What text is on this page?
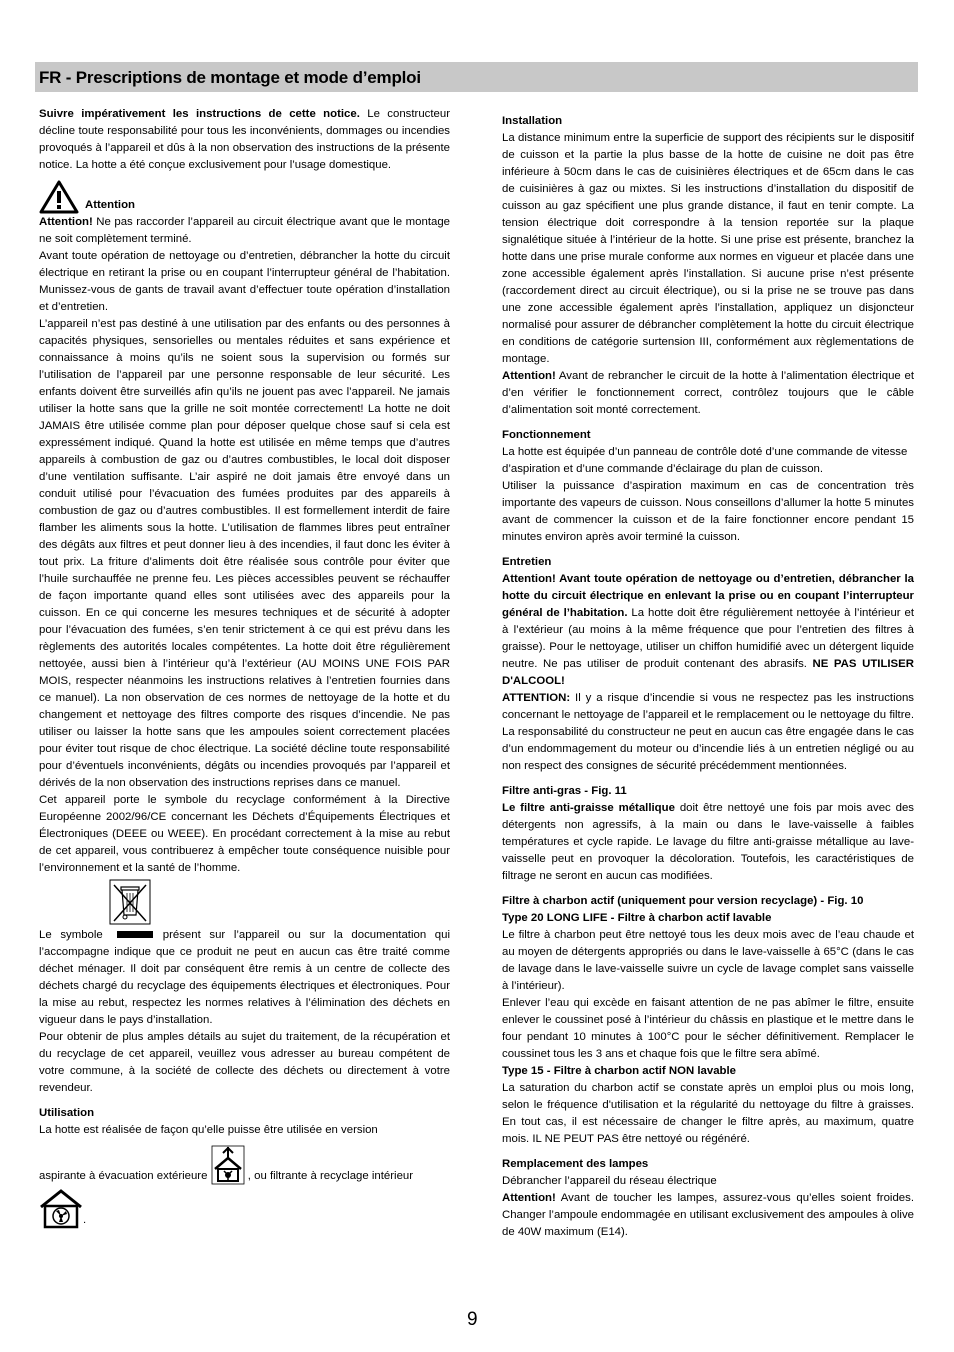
FR - Prescriptions de montage et mode d’emploi

Suivre impérativement les instructions de cette notice. Le constructeur décline toute responsabilité pour tous les inconvénients, dommages ou incendies provoqués à l’appareil et dûs à la non observation des instructions de la présente notice. La hotte a été conçue exclusivement pour l’usage domestique.

Attention

Attention! Ne pas raccorder l’appareil au circuit électrique avant que le montage ne soit complètement terminé.

Avant toute opération de nettoyage ou d’entretien, débrancher la hotte du circuit électrique en retirant la prise ou en coupant l’interrupteur général de l’habitation. Munissez-vous de gants de travail avant d’effectuer toute opération d’installation et d’entretien.

L’appareil n’est pas destiné à une utilisation par des enfants ou des personnes à capacités physiques, sensorielles ou mentales réduites et sans expérience et connaissance à moins qu’ils ne soient sous la supervision ou formés sur l’utilisation de l’appareil par une personne responsable de leur sécurité. Les enfants doivent être surveillés afin qu’ils ne jouent pas avec l’appareil. Ne jamais utiliser la hotte sans que la grille ne soit montée correctement! La hotte ne doit JAMAIS être utilisée comme plan pour déposer quelque chose sauf si cela est expressément indiqué. Quand la hotte est utilisée en même temps que d’autres appareils à combustion de gaz ou d’autres combustibles, le local doit disposer d’une ventilation suffisante. L’air aspiré ne doit jamais être envoyé dans un conduit utilisé pour l’évacuation des fumées produites par des appareils à combustion de gaz ou d’autres combustibles. Il est formellement interdit de faire flamber les aliments sous la hotte. L’utilisation de flammes libres peut entraîner des dégâts aux filtres et peut donner lieu à des incendies, il faut donc les éviter à tout prix. La friture d’aliments doit être réalisée sous contrôle pour éviter que l’huile surchauffée ne prenne feu. Les pièces accessibles peuvent se réchauffer de façon importante quand elles sont utilisées avec des appareils pour la cuisson. En ce qui concerne les mesures techniques et de sécurité à adopter pour l’évacuation des fumées, s’en tenir strictement à ce qui est prévu dans les règlements des autorités locales compétentes. La hotte doit être régulièrement nettoyée, aussi bien à l’intérieur qu’à l’extérieur (AU MOINS UNE FOIS PAR MOIS, respecter néanmoins les instructions relatives à l’entretien fournies dans ce manuel). La non observation de ces normes de nettoyage de la hotte et du changement et nettoyage des filtres comporte des risques d’incendie. Ne pas utiliser ou laisser la hotte sans que les ampoules soient correctement placées pour éviter tout risque de choc électrique. La société décline toute responsabilité pour d’éventuels inconvénients, dégâts ou incendies provoqués par l’appareil et dérivés de la non observation des instructions reprises dans ce manuel.

Cet appareil porte le symbole du recyclage conformément à la Directive Européenne 2002/96/CE concernant les Déchets d’Équipements Électriques et Électroniques (DEEE ou WEEE). En procédant correctement à la mise au rebut de cet appareil, vous contribuerez à empêcher toute conséquence nuisible pour l’environnement et la santé de l’homme.

Le symbole	présent sur l’appareil ou sur la documentation qui l’accompagne indique que ce produit ne peut en aucun cas être traité comme déchet ménager. Il doit par conséquent être remis à un centre de collecte des déchets chargé du recyclage des équipements électriques et électroniques. Pour la mise au rebut, respectez les normes relatives à l’élimination des déchets en vigueur dans le pays d’installation.

Pour obtenir de plus amples détails au sujet du traitement, de la récupération et du recyclage de cet appareil, veuillez vous adresser au bureau compétent de votre commune, à la société de collecte des déchets ou directement à votre revendeur.

Utilisation

La hotte est réalisée de façon qu’elle puisse être utilisée en version

aspirante à évacuation extérieure	, ou filtrante à recyclage intérieur

.

Installation

La distance minimum entre la superficie de support des récipients sur le dispositif de cuisson et la partie la plus basse de la hotte de cuisine ne doit pas être inférieure à 50cm dans le cas de cuisinières électriques et de 65cm dans le cas de cuisinières à gaz ou mixtes. Si les instructions d’installation du dispositif de cuisson au gaz spécifient une plus grande distance, il faut en tenir compte. La tension électrique doit correspondre à la tension reportée sur la plaque signalétique située à l’intérieur de la hotte. Si une prise est présente, branchez la hotte dans une prise murale conforme aux normes en vigueur et placée dans une zone accessible également après l’installation. Si aucune prise n’est présente (raccordement direct au circuit électrique), ou si la prise ne se trouve pas dans une zone accessible également après l’installation, appliquez un disjoncteur normalisé pour assurer de débrancher complètement la hotte du circuit électrique en conditions de catégorie surtension III, conformément aux règlementations de montage.

Attention! Avant de rebrancher le circuit de la hotte à l’alimentation électrique et d’en vérifier le fonctionnement correct, contrôlez toujours que le câble d’alimentation soit monté correctement.

Fonctionnement

La hotte est équipée d’un panneau de contrôle doté d’une commande de vitesse d’aspiration et d’une commande d’éclairage du plan de cuisson.

Utiliser la puissance d’aspiration maximum en cas de concentration très importante des vapeurs de cuisson. Nous conseillons d’allumer la hotte 5 minutes avant de commencer la cuisson et de la faire fonctionner encore pendant 15 minutes environ après avoir terminé la cuisson.

Entretien

Attention! Avant toute opération de nettoyage ou d’entretien, débrancher la hotte du circuit électrique en enlevant la prise ou en coupant l’interrupteur général de l’habitation. La hotte doit être régulièrement nettoyée à l’intérieur et à l’extérieur (au moins à la même fréquence que pour l’entretien des filtres à graisse). Pour le nettoyage, utiliser un chiffon humidifié avec un détergent liquide neutre. Ne pas utiliser de produit contenant des abrasifs. NE PAS UTILISER D'ALCOOL!

ATTENTION: Il y a risque d’incendie si vous ne respectez pas les instructions concernant le nettoyage de l’appareil et le remplacement ou le nettoyage du filtre. La responsabilité du constructeur ne peut en aucun cas être engagée dans le cas d’un endommagement du moteur ou d’incendie liés à un entretien négligé ou au non respect des consignes de sécurité précédemment mentionnées.

Filtre anti-gras - Fig. 11

Le filtre anti-graisse métallique doit être nettoyé une fois par mois avec des détergents non agressifs, à la main ou dans le lave-vaisselle à faibles températures et cycle rapide. Le lavage du filtre anti-graisse métallique au lave-vaisselle peut en provoquer la décoloration. Toutefois, les caractéristiques de filtrage ne seront en aucun cas modifiées.

Filtre à charbon actif (uniquement pour version recyclage) - Fig. 10
Type 20 LONG LIFE - Filtre à charbon actif lavable

Le filtre à charbon peut être nettoyé tous les deux mois avec de l’eau chaude et au moyen de détergents appropriés ou dans le lave-vaisselle à 65°C (dans le cas de lavage dans le lave-vaisselle suivre un cycle de lavage complet sans vaisselle à l’intérieur).

Enlever l’eau qui excède en faisant attention de ne pas abîmer le filtre, ensuite enlever le coussinet posé à l’intérieur du châssis en plastique et le mettre dans le four pendant 10 minutes à 100°C pour le sécher définitivement. Remplacer le coussinet tous les 3 ans et chaque fois que le filtre sera abîmé.

Type 15 - Filtre à charbon actif NON lavable

La saturation du charbon actif se constate après un emploi plus ou mois long, selon le fréquence d'utilisation et la régularité du nettoyage du filtre à graisses. En tout cas, il est nécessaire de changer le filtre après, au maximum, quatre mois. IL NE PEUT PAS être nettoyé ou régénéré.

Remplacement des lampes

Débrancher l’appareil du réseau électrique

Attention! Avant de toucher les lampes, assurez-vous qu’elles soient froides. Changer l’ampoule endommagée en utilisant exclusivement des ampoules à olive de 40W maximum (E14).

9
